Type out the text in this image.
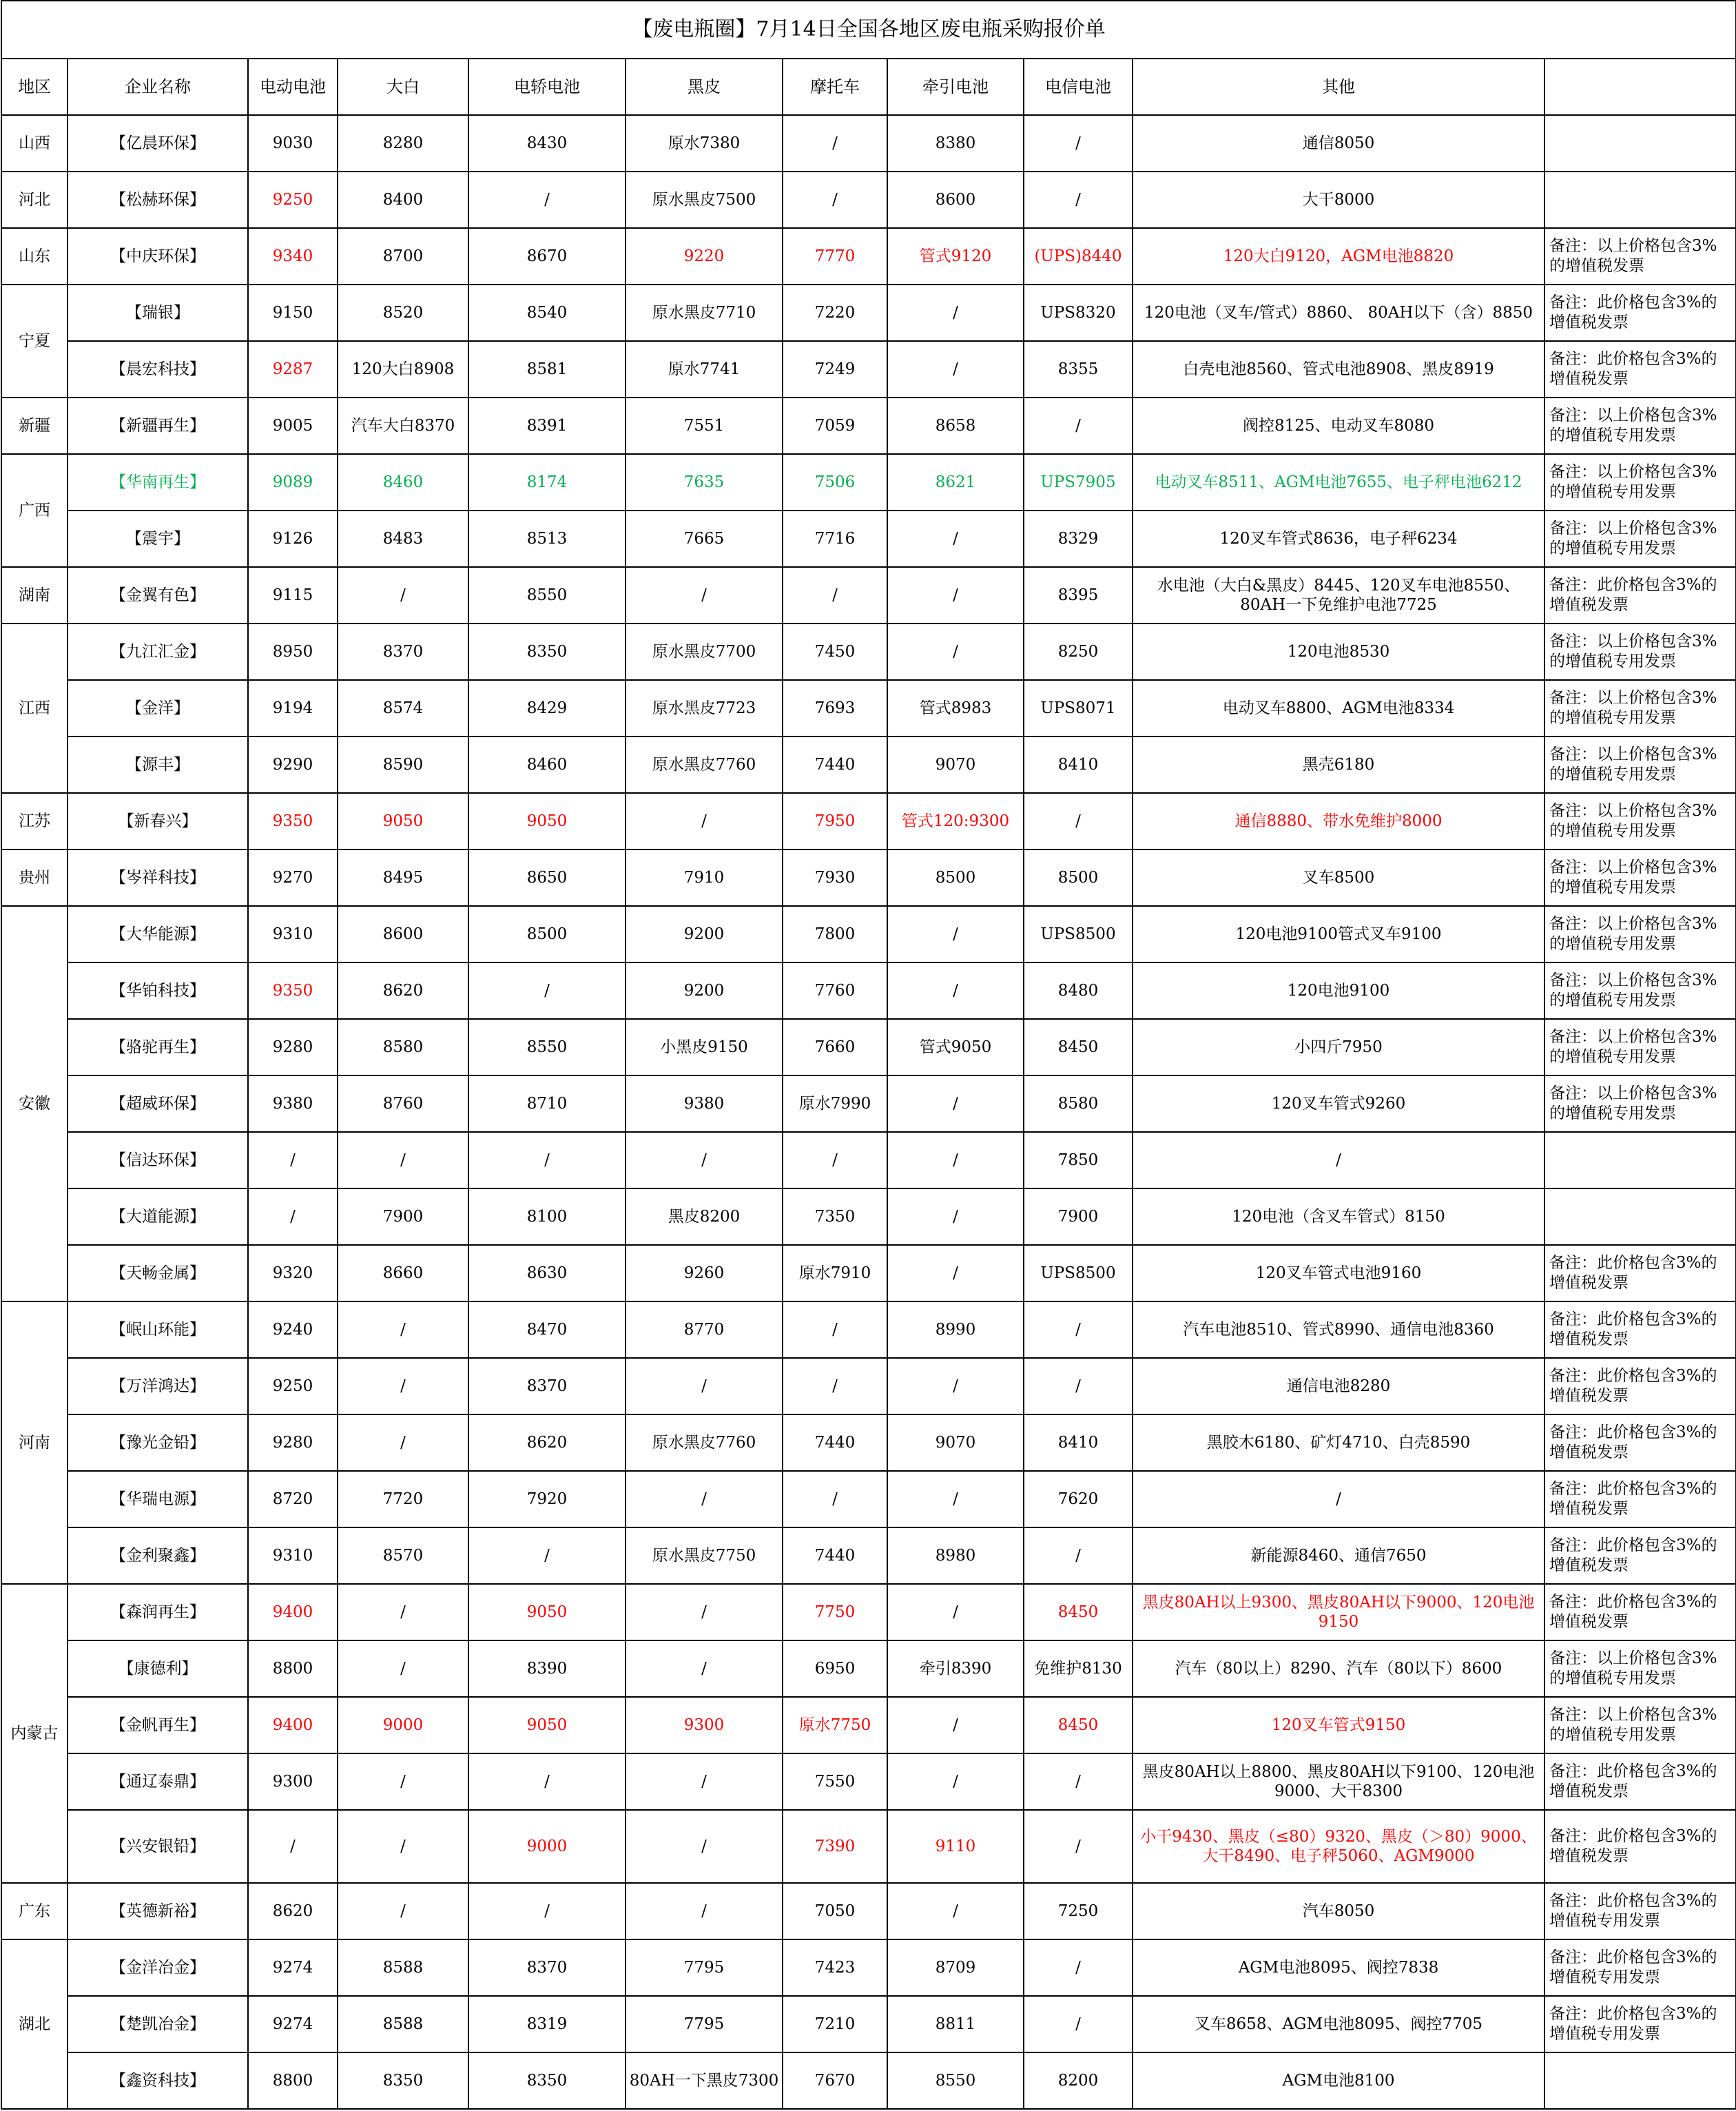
【废电瓶圈】7月14日全国各地区废电瓶采购报价单										
地区	企业名称	电动电池	大白	电轿电池	黑皮	摩托车	牵引电池	电信电池	其他	
山西	【亿晨环保】	9030	8280	8430	原水7380	/	8380	/	通信8050	
河北	【松赫环保】	9250	8400	/	原水黑皮7500	/	8600	/	大干8000	
山东	【中庆环保】	9340	8700	8670	9220	7770	管式9120	(UPS)8440	120大白9120，AGM电池8820	备注：以上价格包含3%的增值税发票
宁夏	【瑞银】	9150	8520	8540	原水黑皮7710	7220	/	UPS8320	120电池（叉车/管式）8860、 80AH以下（含）8850	备注：此价格包含3%的增值税发票
	【晨宏科技】	9287	120大白8908	8581	原水7741	7249	/	8355	白壳电池8560、管式电池8908、黑皮8919	备注：此价格包含3%的增值税发票
新疆	【新疆再生】	9005	汽车大白8370	8391	7551	7059	8658	/	阀控8125、电动叉车8080	备注：以上价格包含3%的增值税专用发票
广西	【华南再生】	9089	8460	8174	7635	7506	8621	UPS7905	电动叉车8511、AGM电池7655、电子秤电池6212	备注：以上价格包含3%的增值税专用发票
	【震宇】	9126	8483	8513	7665	7716	/	8329	120叉车管式8636，电子秤6234	备注：以上价格包含3%的增值税专用发票
湖南	【金翼有色】	9115	/	8550	/	/	/	8395	水电池（大白&黑皮）8445、120叉车电池8550、80AH一下免维护电池7725	备注：此价格包含3%的增值税发票
江西	【九江汇金】	8950	8370	8350	原水黑皮7700	7450	/	8250	120电池8530	备注：以上价格包含3%的增值税专用发票
	【金洋】	9194	8574	8429	原水黑皮7723	7693	管式8983	UPS8071	电动叉车8800、AGM电池8334	备注：以上价格包含3%的增值税专用发票
	【源丰】	9290	8590	8460	原水黑皮7760	7440	9070	8410	黑壳6180	备注：以上价格包含3%的增值税专用发票
江苏	【新春兴】	9350	9050	9050	/	7950	管式120:9300	/	通信8880、带水免维护8000	备注：以上价格包含3%的增值税专用发票
贵州	【岑祥科技】	9270	8495	8650	7910	7930	8500	8500	叉车8500	备注：以上价格包含3%的增值税专用发票
安徽	【大华能源】	9310	8600	8500	9200	7800	/	UPS8500	120电池9100管式叉车9100	备注：以上价格包含3%的增值税专用发票
	【华铂科技】	9350	8620	/	9200	7760	/	8480	120电池9100	备注：以上价格包含3%的增值税专用发票
	【骆驼再生】	9280	8580	8550	小黑皮9150	7660	管式9050	8450	小四斤7950	备注：以上价格包含3%的增值税专用发票
	【超威环保】	9380	8760	8710	9380	原水7990	/	8580	120叉车管式9260	备注：以上价格包含3%的增值税专用发票
	【信达环保】	/	/	/	/	/	/	7850	/	
	【大道能源】	/	7900	8100	黑皮8200	7350	/	7900	120电池（含叉车管式）8150	
	【天畅金属】	9320	8660	8630	9260	原水7910	/	UPS8500	120叉车管式电池9160	备注：此价格包含3%的增值税发票
河南	【岷山环能】	9240	/	8470	8770	/	8990	/	汽车电池8510、管式8990、通信电池8360	备注：此价格包含3%的增值税发票
	【万洋鸿达】	9250	/	8370	/	/	/	/	通信电池8280	备注：此价格包含3%的增值税发票
	【豫光金铅】	9280	/	8620	原水黑皮7760	7440	9070	8410	黑胶木6180、矿灯4710、白壳8590	备注：此价格包含3%的增值税发票
	【华瑞电源】	8720	7720	7920	/	/	/	7620	/	备注：此价格包含3%的增值税发票
	【金利聚鑫】	9310	8570	/	原水黑皮7750	7440	8980	/	新能源8460、通信7650	备注：此价格包含3%的增值税发票
内蒙古	【森润再生】	9400	/	9050	/	7750	/	8450	黑皮80AH以上9300、黑皮80AH以下9000、120电池9150	备注：此价格包含3%的增值税发票
	【康德利】	8800	/	8390	/	6950	牵引8390	免维护8130	汽车（80以上）8290、汽车（80以下）8600	备注：以上价格包含3%的增值税专用发票
	【金帆再生】	9400	9000	9050	9300	原水7750	/	8450	120叉车管式9150	备注：以上价格包含3%的增值税专用发票
	【通辽泰鼎】	9300	/	/	/	7550	/	/	黑皮80AH以上8800、黑皮80AH以下9100、120电池9000、大干8300	备注：此价格包含3%的增值税发票
	【兴安银铅】	/	/	9000	/	7390	9110	/	小干9430、黑皮（≤80）9320、黑皮（＞80）9000、大干8490、电子秤5060、AGM9000	备注：此价格包含3%的增值税发票
广东	【英德新裕】	8620	/	/	/	7050	/	7250	汽车8050	备注：此价格包含3%的增值税专用发票
湖北	【金洋冶金】	9274	8588	8370	7795	7423	8709	/	AGM电池8095、阀控7838	备注：此价格包含3%的增值税专用发票
	【楚凯冶金】	9274	8588	8319	7795	7210	8811	/	叉车8658、AGM电池8095、阀控7705	备注：此价格包含3%的增值税专用发票
	【鑫资科技】	8800	8350	8350	80AH一下黑皮7300	7670	8550	8200	AGM电池8100	
